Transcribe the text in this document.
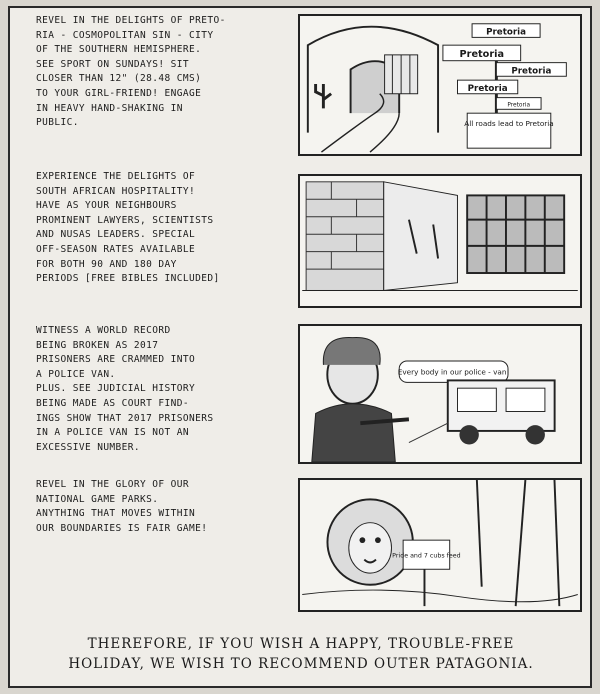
REVEL IN THE DELIGHTS OF PRETO-
RIA - COSMOPOLITAN SIN - CITY
OF THE SOUTHERN HEMISPHERE.
SEE SPORT ON SUNDAYS! SIT
CLOSER THAN 12" (28.48 CMS)
TO YOUR GIRL-FRIEND! ENGAGE
IN HEAVY HAND-SHAKING IN
PUBLIC.
Pretoria
Pretoria
Pretoria
Pretoria
Pretoria
All roads lead to Pretoria
EXPERIENCE THE DELIGHTS OF
SOUTH AFRICAN HOSPITALITY!
HAVE AS YOUR NEIGHBOURS
PROMINENT LAWYERS, SCIENTISTS
AND NUSAS LEADERS. SPECIAL
OFF-SEASON RATES AVAILABLE
FOR BOTH 90 AND 180 DAY
PERIODS [FREE BIBLES INCLUDED]
WITNESS A WORLD RECORD
BEING BROKEN AS 2017
PRISONERS ARE CRAMMED INTO
A POLICE VAN.
PLUS. SEE JUDICIAL HISTORY
BEING MADE AS COURT FIND-
INGS SHOW THAT 2017 PRISONERS
IN A POLICE VAN IS NOT AN
EXCESSIVE NUMBER.
Every body in our police - van!
REVEL IN THE GLORY OF OUR
NATIONAL GAME PARKS.
ANYTHING THAT MOVES WITHIN
OUR BOUNDARIES IS FAIR GAME!
Pride and 7 cubs feed
THEREFORE, IF YOU WISH A HAPPY, TROUBLE-FREE
HOLIDAY, WE WISH TO RECOMMEND OUTER PATAGONIA.
